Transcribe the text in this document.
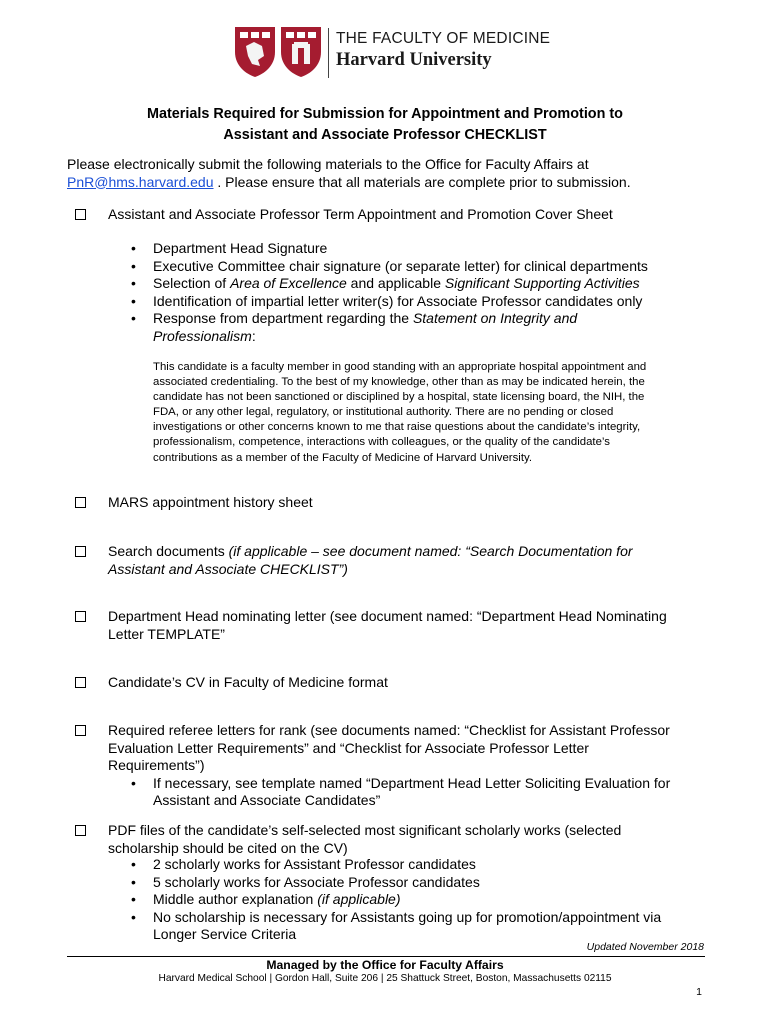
THE FACULTY OF MEDICINE
Harvard University
Materials Required for Submission for Appointment and Promotion to
Assistant and Associate Professor CHECKLIST
Please electronically submit the following materials to the Office for Faculty Affairs at
PnR@hms.harvard.edu . Please ensure that all materials are complete prior to submission.
Assistant and Associate Professor Term Appointment and Promotion Cover Sheet
• Department Head Signature
• Executive Committee chair signature (or separate letter) for clinical departments
• Selection of Area of Excellence and applicable Significant Supporting Activities
• Identification of impartial letter writer(s) for Associate Professor candidates only
• Response from department regarding the Statement on Integrity and
Professionalism:
This candidate is a faculty member in good standing with an appropriate hospital appointment and associated credentialing. To the best of my knowledge, other than as may be indicated herein, the candidate has not been sanctioned or disciplined by a hospital, state licensing board, the NIH, the FDA, or any other legal, regulatory, or institutional authority. There are no pending or closed investigations or other concerns known to me that raise questions about the candidate’s integrity, professionalism, competence, interactions with colleagues, or the quality of the candidate’s contributions as a member of the Faculty of Medicine of Harvard University.
MARS appointment history sheet
Search documents (if applicable – see document named: “Search Documentation for
Assistant and Associate CHECKLIST”)
Department Head nominating letter (see document named: “Department Head Nominating
Letter TEMPLATE”
Candidate’s CV in Faculty of Medicine format
Required referee letters for rank (see documents named: “Checklist for Assistant Professor
Evaluation Letter Requirements” and “Checklist for Associate Professor Letter
Requirements”)
• If necessary, see template named “Department Head Letter Soliciting Evaluation for
Assistant and Associate Candidates”
PDF files of the candidate’s self-selected most significant scholarly works (selected
scholarship should be cited on the CV)
• 2 scholarly works for Assistant Professor candidates
• 5 scholarly works for Associate Professor candidates
• Middle author explanation (if applicable)
• No scholarship is necessary for Assistants going up for promotion/appointment via
Longer Service Criteria
Updated November 2018
Managed by the Office for Faculty Affairs
Harvard Medical School | Gordon Hall, Suite 206 | 25 Shattuck Street, Boston, Massachusetts 02115
1
